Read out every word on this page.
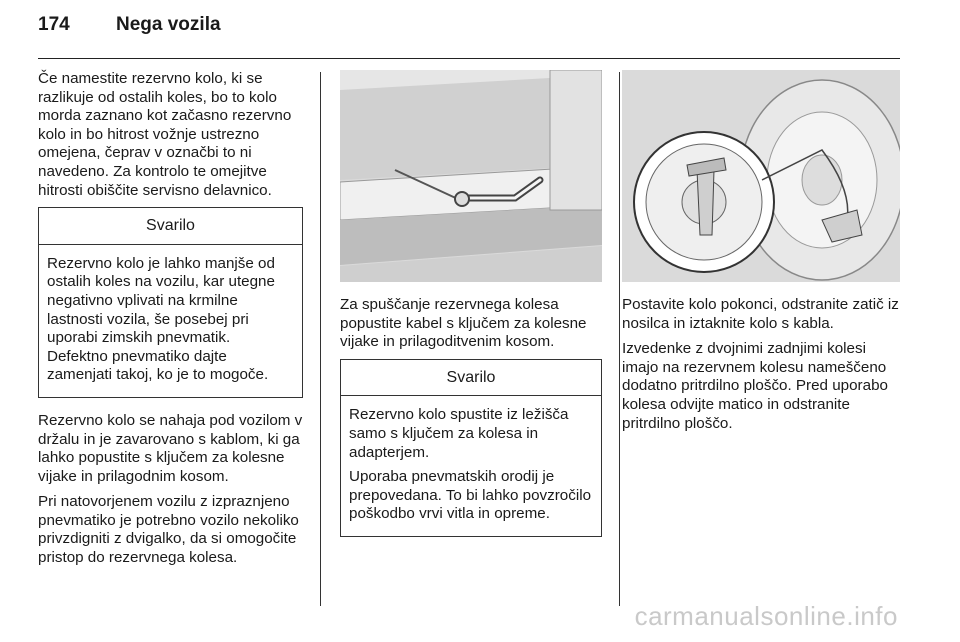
174 Nega vozila

Če namestite rezervno kolo, ki se razlikuje od ostalih koles, bo to kolo morda zaznano kot začasno rezervno kolo in bo hitrost vožnje ustrezno omejena, čeprav v označbi to ni navedeno. Za kontrolo te omejitve hitrosti obiščite servisno delavnico.

Svarilo

Rezervno kolo je lahko manjše od ostalih koles na vozilu, kar utegne negativno vplivati na krmilne lastnosti vozila, še posebej pri uporabi zimskih pnevmatik. Defektno pnevmatiko dajte zamenjati takoj, ko je to mogoče.

Rezervno kolo se nahaja pod vozilom v držalu in je zavarovano s kablom, ki ga lahko popustite s ključem za kolesne vijake in prilagodnim kosom.

Pri natovorjenem vozilu z izpraznjeno pnevmatiko je potrebno vozilo nekoliko privzdigniti z dvigalko, da si omogočite pristop do rezervnega kolesa.

Za spuščanje rezervnega kolesa popustite kabel s ključem za kolesne vijake in prilagoditvenim kosom.

Svarilo

Rezervno kolo spustite iz ležišča samo s ključem za kolesa in adapterjem.

Uporaba pnevmatskih orodij je prepovedana. To bi lahko povzročilo poškodbo vrvi vitla in opreme.

Postavite kolo pokonci, odstranite zatič iz nosilca in iztaknite kolo s kabla.

Izvedenke z dvojnimi zadnjimi kolesi imajo na rezervnem kolesu nameščeno dodatno pritrdilno ploščo. Pred uporabo kolesa odvijte matico in odstranite pritrdilno ploščo.

carmanualsonline.info
